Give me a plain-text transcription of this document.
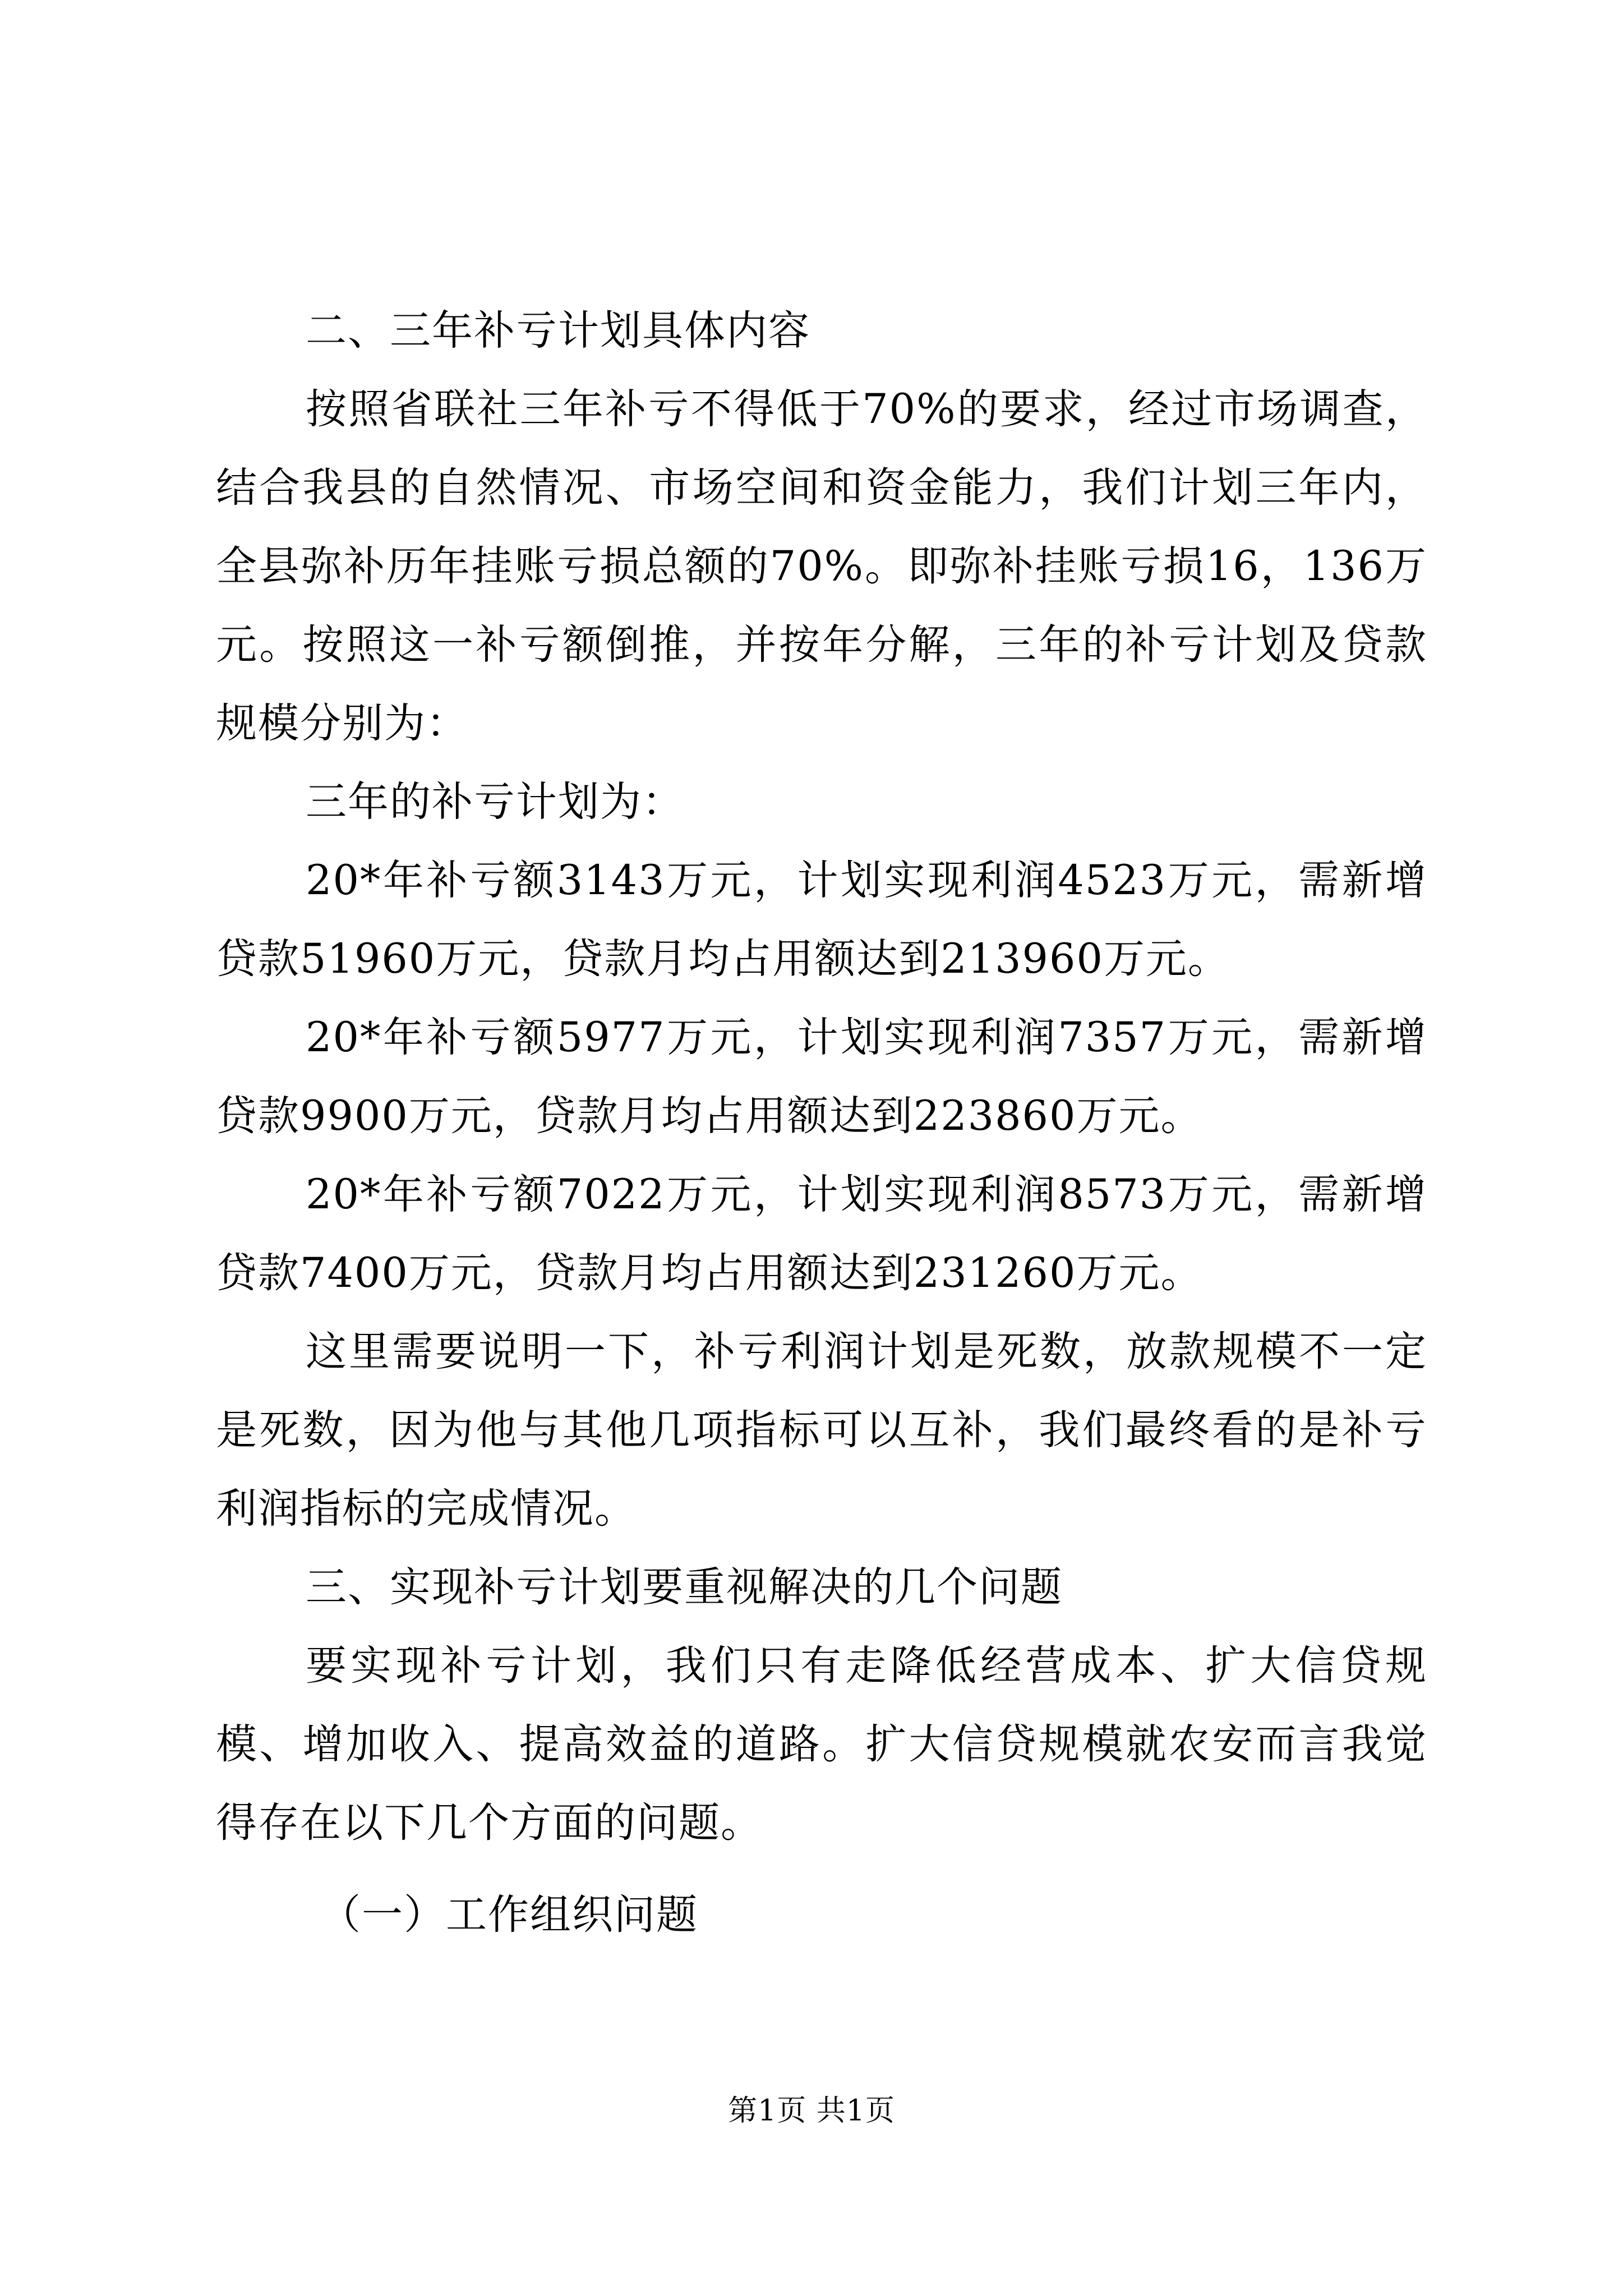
二、三年补亏计划具体内容

按照省联社三年补亏不得低于70%的要求，经过市场调查，结合我县的自然情况、市场空间和资金能力，我们计划三年内，全县弥补历年挂账亏损总额的70%。即弥补挂账亏损16，136万元。按照这一补亏额倒推，并按年分解，三年的补亏计划及贷款规模分别为：

三年的补亏计划为：

20*年补亏额3143万元，计划实现利润4523万元，需新增贷款51960万元，贷款月均占用额达到213960万元。

20*年补亏额5977万元，计划实现利润7357万元，需新增贷款9900万元，贷款月均占用额达到223860万元。

20*年补亏额7022万元，计划实现利润8573万元，需新增贷款7400万元，贷款月均占用额达到231260万元。

这里需要说明一下，补亏利润计划是死数，放款规模不一定是死数，因为他与其他几项指标可以互补，我们最终看的是补亏利润指标的完成情况。

三、实现补亏计划要重视解决的几个问题

要实现补亏计划，我们只有走降低经营成本、扩大信贷规模、增加收入、提高效益的道路。扩大信贷规模就农安而言我觉得存在以下几个方面的问题。

（一）工作组织问题

第1页 共1页
